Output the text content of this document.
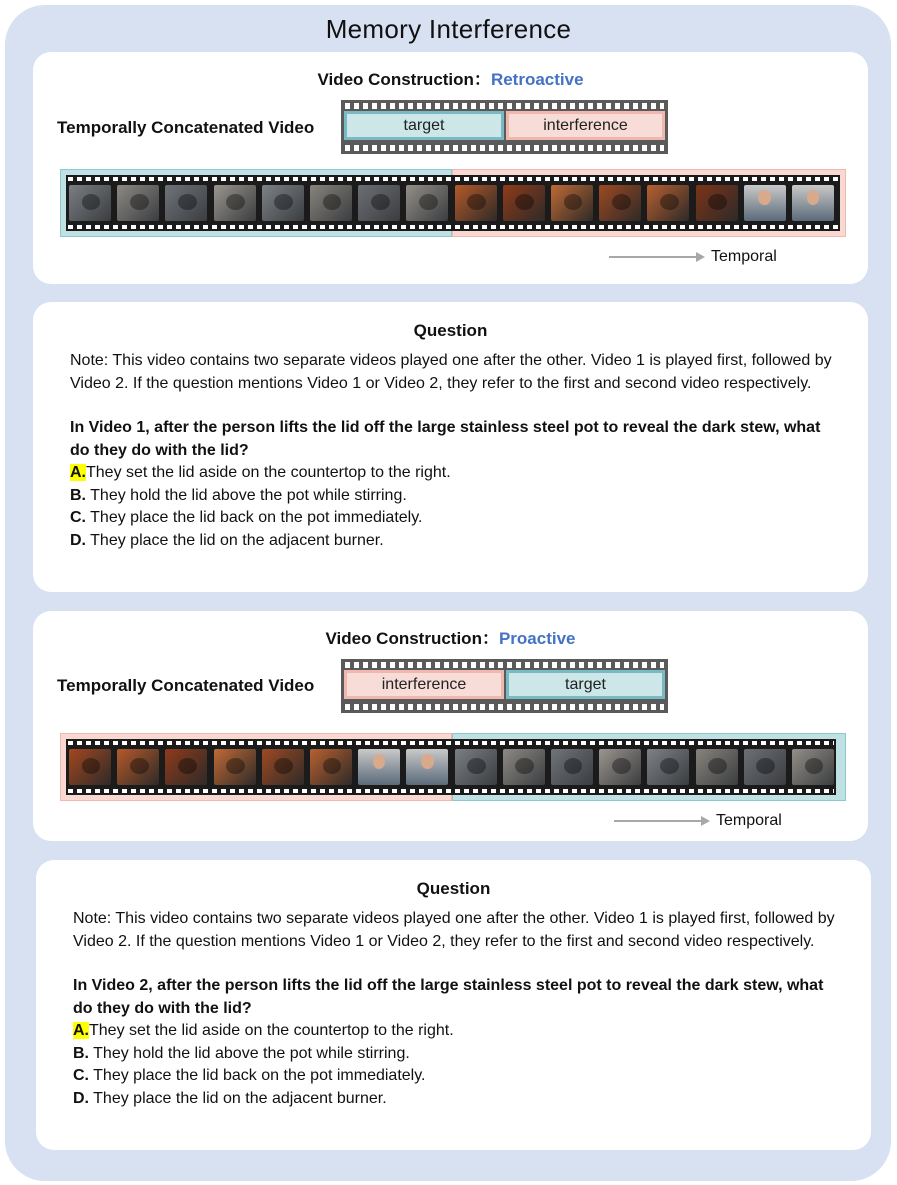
Memory Interference
Video Construction：Retroactive
Temporally Concatenated Video	target	interference
Temporal
Question

Note: This video contains two separate videos played one after the other. Video 1 is played first, followed by Video 2. If the question mentions Video 1 or Video 2, they refer to the first and second video respectively.

In Video 1, after the person lifts the lid off the large stainless steel pot to reveal the dark stew, what do they do with the lid?

A.They set the lid aside on the countertop to the right.
B. They hold the lid above the pot while stirring.
C. They place the lid back on the pot immediately.
D. They place the lid on the adjacent burner.
Video Construction：Proactive
Temporally Concatenated Video	interference	target
Temporal
Question

Note: This video contains two separate videos played one after the other. Video 1 is played first, followed by Video 2. If the question mentions Video 1 or Video 2, they refer to the first and second video respectively.

In Video 2, after the person lifts the lid off the large stainless steel pot to reveal the dark stew, what do they do with the lid?

A.They set the lid aside on the countertop to the right.
B. They hold the lid above the pot while stirring.
C. They place the lid back on the pot immediately.
D. They place the lid on the adjacent burner.
